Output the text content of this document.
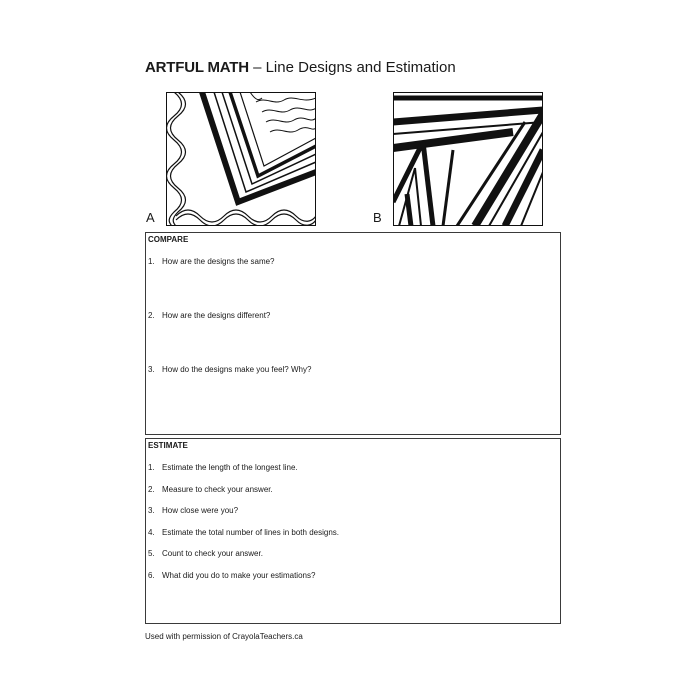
ARTFUL MATH – Line Designs and Estimation
A	B
COMPARE
1. How are the designs the same?
2. How are the designs different?
3. How do the designs make you feel? Why?
ESTIMATE
1. Estimate the length of the longest line.
2. Measure to check your answer.
3. How close were you?
4. Estimate the total number of lines in both designs.
5. Count to check your answer.
6. What did you do to make your estimations?
Used with permission of CrayolaTeachers.ca
